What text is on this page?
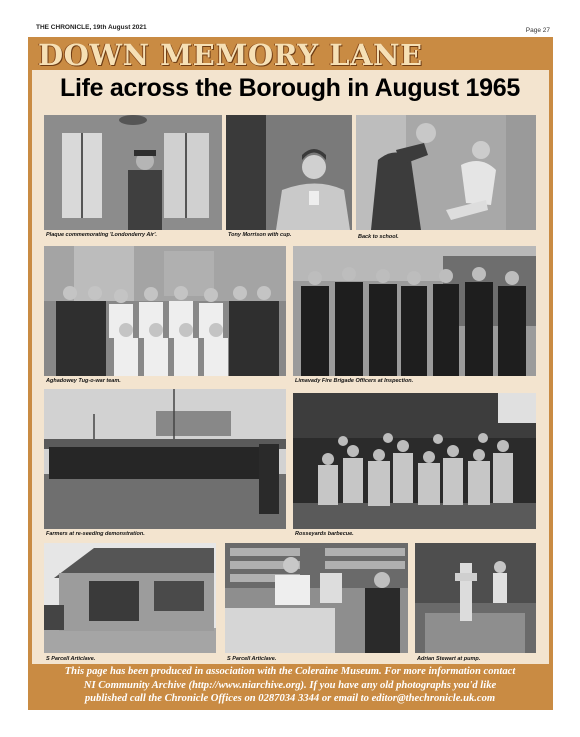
THE CHRONICLE, 19th August 2021	Page 27
DOWN MEMORY LANE
Life across the Borough in August 1965
Plaque commemorating 'Londonderry Air'.	Tony Morrison with cup.	Back to school.
Aghadowey Tug-o-war team.	Limavady Fire Brigade Officers at Inspection.
Farmers at re-seeding demonstration.	Rosseyards barbecue.
S Parcell Articlave.	S Parcell Articlave.	Adrian Stewart at pump.
This page has been produced in association with the Coleraine Museum. For more information contact
NI Community Archive (http://www.niarchive.org). If you have any old photographs you'd like
published call the Chronicle Offices on 0287034 3344 or email to editor@thechronicle.uk.com
